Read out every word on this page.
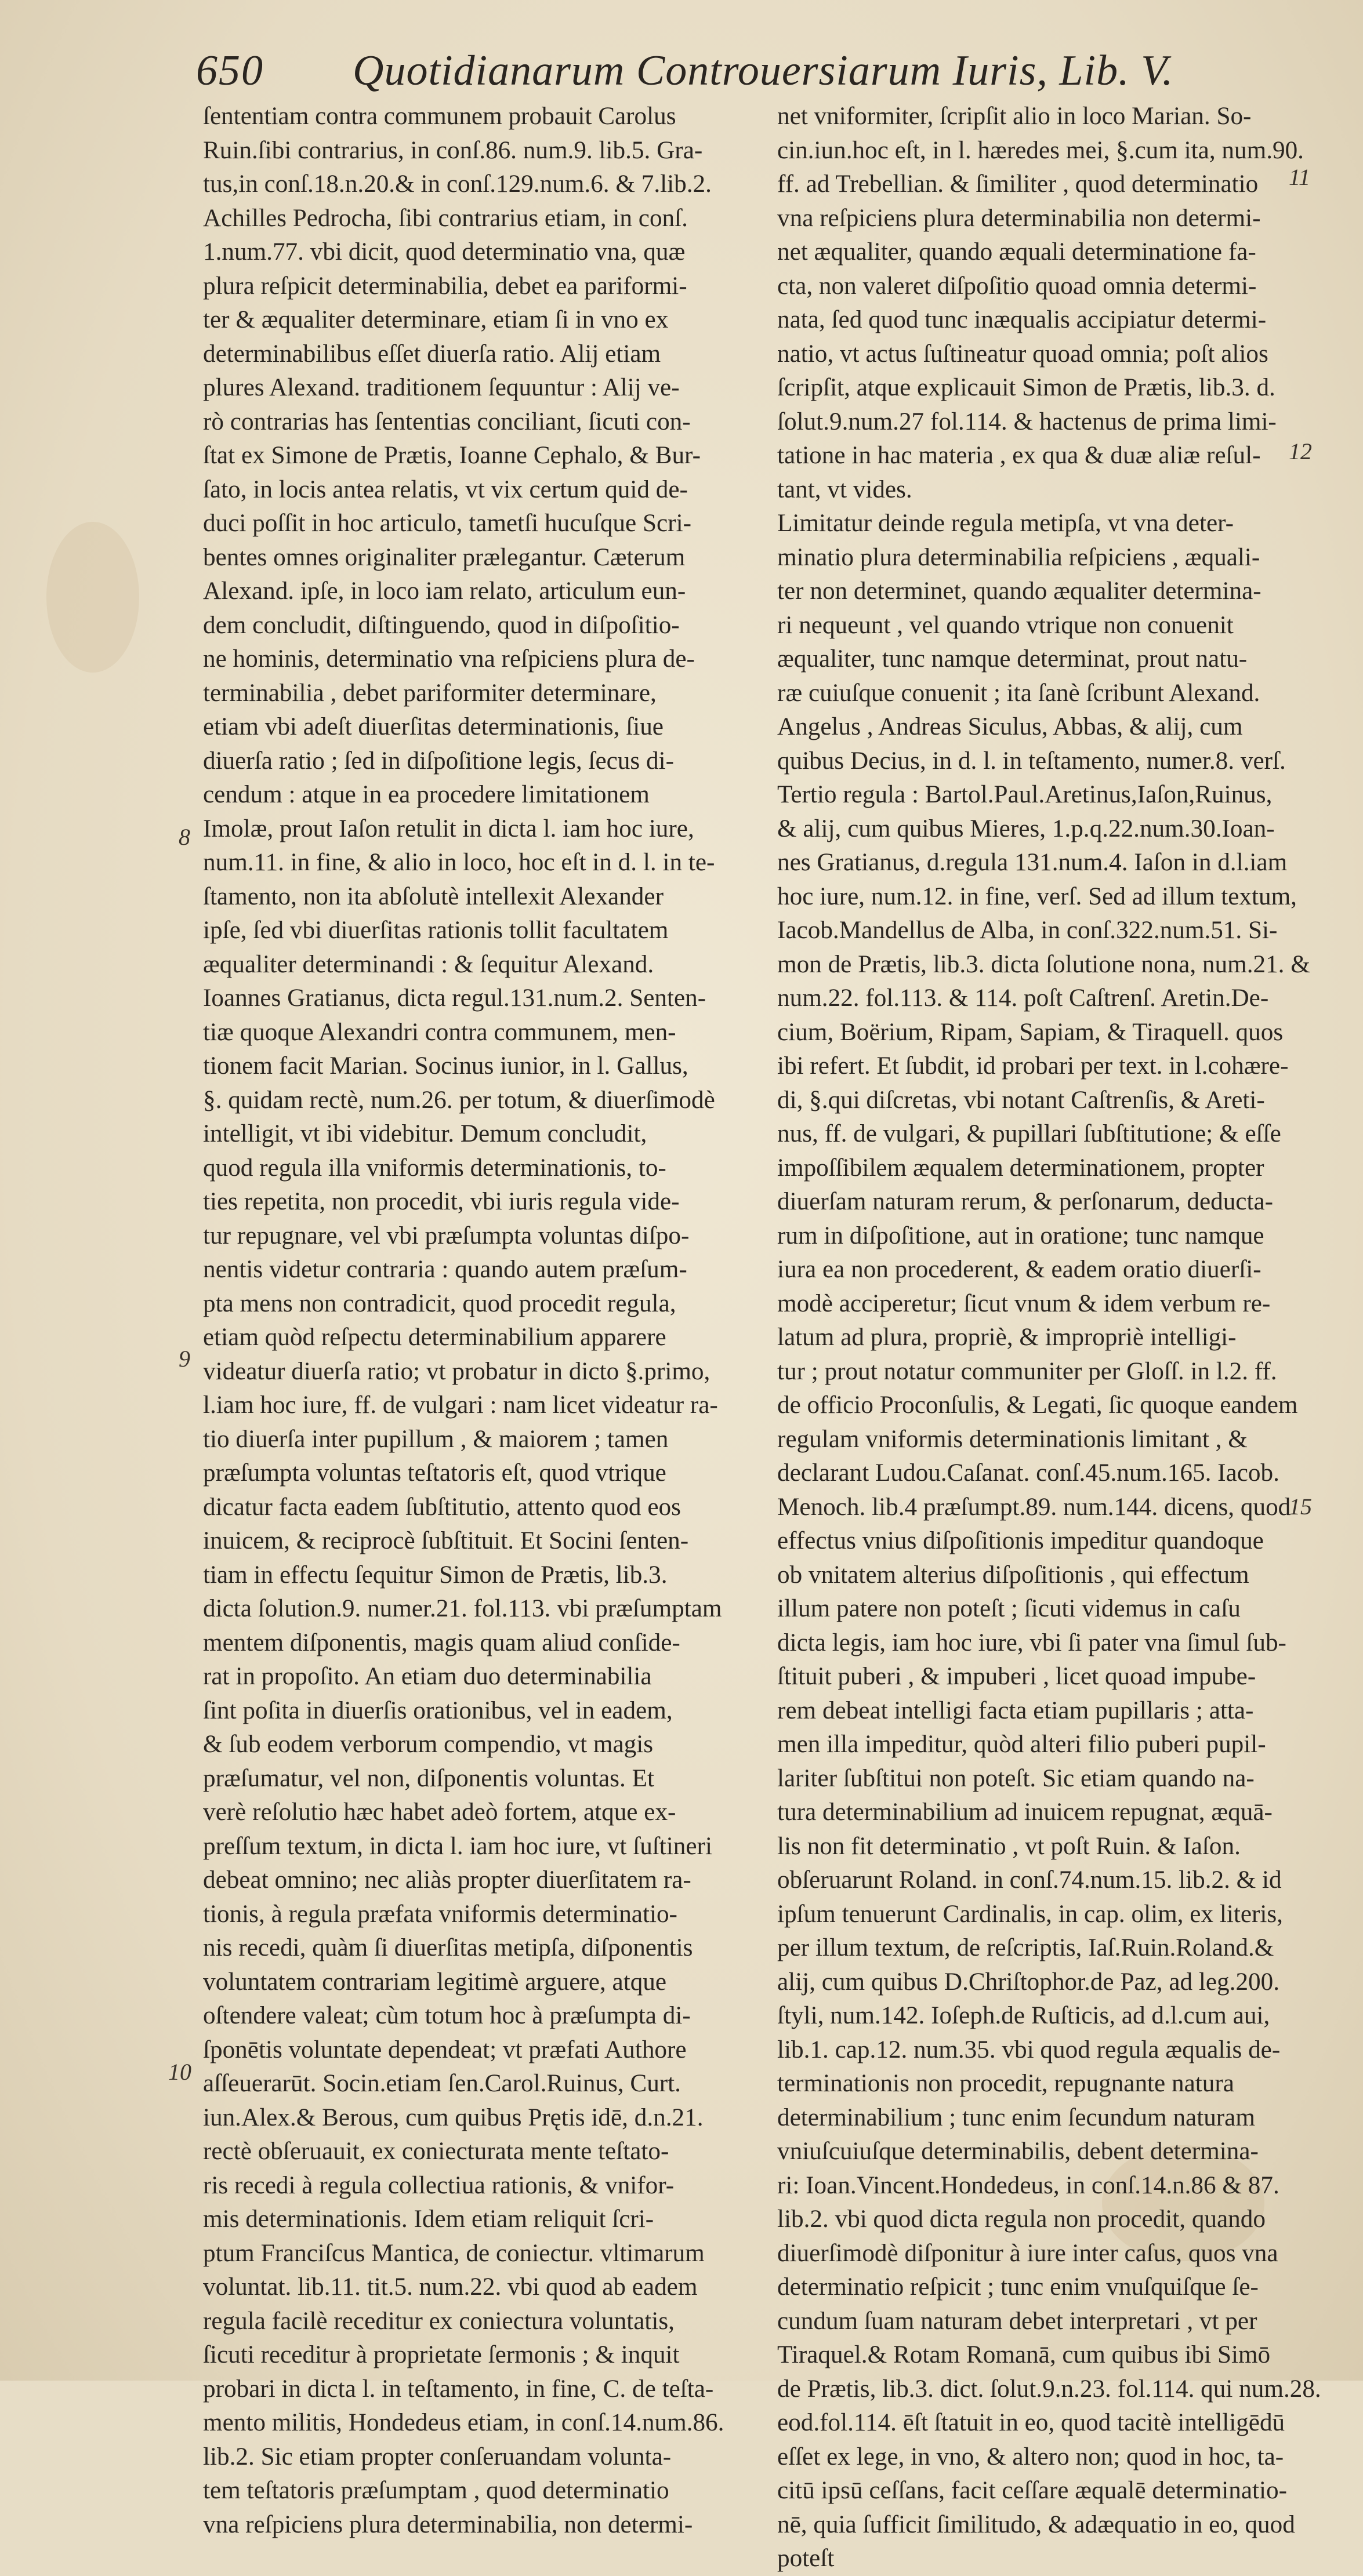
650 Quotidianarum Controuersiarum Iuris, Lib. V.
ſententiam contra communem probauit Carolus
Ruin.ſibi contrarius, in conſ.86. num.9. lib.5. Gra-
tus,in conſ.18.n.20.& in conſ.129.num.6. & 7.lib.2.
Achilles Pedrocha, ſibi contrarius etiam, in conſ.
1.num.77. vbi dicit, quod determinatio vna, quæ
plura reſpicit determinabilia, debet ea pariformi-
ter & æqualiter determinare, etiam ſi in vno ex
determinabilibus eſſet diuerſa ratio. Alij etiam
plures Alexand. traditionem ſequuntur : Alij ve-
rò contrarias has ſententias conciliant, ſicuti con-
ſtat ex Simone de Prætis, Ioanne Cephalo, & Bur-
ſato, in locis antea relatis, vt vix certum quid de-
duci poſſit in hoc articulo, tametſi hucuſque Scri-
bentes omnes originaliter prælegantur. Cæterum
Alexand. ipſe, in loco iam relato, articulum eun-
dem concludit, diſtinguendo, quod in diſpoſitio-
ne hominis, determinatio vna reſpiciens plura de-
terminabilia , debet pariformiter determinare,
etiam vbi adeſt diuerſitas determinationis, ſiue
diuerſa ratio ; ſed in diſpoſitione legis, ſecus di-
cendum : atque in ea procedere limitationem
Imolæ, prout Iaſon retulit in dicta l. iam hoc iure,
num.11. in fine, & alio in loco, hoc eſt in d. l. in te-
ſtamento, non ita abſolutè intellexit Alexander
ipſe, ſed vbi diuerſitas rationis tollit facultatem
æqualiter determinandi : & ſequitur Alexand.
Ioannes Gratianus, dicta regul.131.num.2. Senten-
tiæ quoque Alexandri contra communem, men-
tionem facit Marian. Socinus iunior, in l. Gallus,
§. quidam rectè, num.26. per totum, & diuerſimodè
intelligit, vt ibi videbitur. Demum concludit,
quod regula illa vniformis determinationis, to-
ties repetita, non procedit, vbi iuris regula vide-
tur repugnare, vel vbi præſumpta voluntas diſpo-
nentis videtur contraria : quando autem præſum-
pta mens non contradicit, quod procedit regula,
etiam quòd reſpectu determinabilium apparere
videatur diuerſa ratio; vt probatur in dicto §.primo,
l.iam hoc iure, ff. de vulgari : nam licet videatur ra-
tio diuerſa inter pupillum , & maiorem ; tamen
præſumpta voluntas teſtatoris eſt, quod vtrique
dicatur facta eadem ſubſtitutio, attento quod eos
inuicem, & reciprocè ſubſtituit. Et Socini ſenten-
tiam in effectu ſequitur Simon de Prætis, lib.3.
dicta ſolution.9. numer.21. fol.113. vbi præſumptam
mentem diſponentis, magis quam aliud conſide-
rat in propoſito. An etiam duo determinabilia
ſint poſita in diuerſis orationibus, vel in eadem,
& ſub eodem verborum compendio, vt magis
præſumatur, vel non, diſponentis voluntas. Et
verè reſolutio hæc habet adeò fortem, atque ex-
preſſum textum, in dicta l. iam hoc iure, vt ſuſtineri
debeat omnino; nec aliàs propter diuerſitatem ra-
tionis, à regula præfata vniformis determinatio-
nis recedi, quàm ſi diuerſitas metipſa, diſponentis
voluntatem contrariam legitimè arguere, atque
oſtendere valeat; cùm totum hoc à præſumpta di-
ſponētis voluntate dependeat; vt præfati Authore
aſſeuerarūt. Socin.etiam ſen.Carol.Ruinus, Curt.
iun.Alex.& Berous, cum quibus Prętis idē, d.n.21.
rectè obſeruauit, ex coniecturata mente teſtato-
ris recedi à regula collectiua rationis, & vnifor-
mis determinationis. Idem etiam reliquit ſcri-
ptum Franciſcus Mantica, de coniectur. vltimarum
voluntat. lib.11. tit.5. num.22. vbi quod ab eadem
regula facilè receditur ex coniectura voluntatis,
ſicuti receditur à proprietate ſermonis ; & inquit
probari in dicta l. in teſtamento, in fine, C. de teſta-
mento militis, Hondedeus etiam, in conſ.14.num.86.
lib.2. Sic etiam propter conſeruandam volunta-
tem teſtatoris præſumptam , quod determinatio
vna reſpiciens plura determinabilia, non determi-
net vniformiter, ſcripſit alio in loco Marian. So-
cin.iun.hoc eſt, in l. hæredes mei, §.cum ita, num.90.
ff. ad Trebellian. & ſimiliter , quod determinatio
vna reſpiciens plura determinabilia non determi-
net æqualiter, quando æquali determinatione fa-
cta, non valeret diſpoſitio quoad omnia determi-
nata, ſed quod tunc inæqualis accipiatur determi-
natio, vt actus ſuſtineatur quoad omnia; poſt alios
ſcripſit, atque explicauit Simon de Prætis, lib.3. d.
ſolut.9.num.27 fol.114. & hactenus de prima limi-
tatione in hac materia , ex qua & duæ aliæ reſul-
tant, vt vides.
Limitatur deinde regula metipſa, vt vna deter-
minatio plura determinabilia reſpiciens , æquali-
ter non determinet, quando æqualiter determina-
ri nequeunt , vel quando vtrique non conuenit
æqualiter, tunc namque determinat, prout natu-
ræ cuiuſque conuenit ; ita ſanè ſcribunt Alexand.
Angelus , Andreas Siculus, Abbas, & alij, cum
quibus Decius, in d. l. in teſtamento, numer.8. verſ.
Tertio regula : Bartol.Paul.Aretinus,Iaſon,Ruinus,
& alij, cum quibus Mieres, 1.p.q.22.num.30.Ioan-
nes Gratianus, d.regula 131.num.4. Iaſon in d.l.iam
hoc iure, num.12. in fine, verſ. Sed ad illum textum,
Iacob.Mandellus de Alba, in conſ.322.num.51. Si-
mon de Prætis, lib.3. dicta ſolutione nona, num.21. &
num.22. fol.113. & 114. poſt Caſtrenſ. Aretin.De-
cium, Boërium, Ripam, Sapiam, & Tiraquell. quos
ibi refert. Et ſubdit, id probari per text. in l.cohære-
di, §.qui diſcretas, vbi notant Caſtrenſis, & Areti-
nus, ff. de vulgari, & pupillari ſubſtitutione; & eſſe
impoſſibilem æqualem determinationem, propter
diuerſam naturam rerum, & perſonarum, deducta-
rum in diſpoſitione, aut in oratione; tunc namque
iura ea non procederent, & eadem oratio diuerſi-
modè acciperetur; ſicut vnum & idem verbum re-
latum ad plura, propriè, & impropriè intelligi-
tur ; prout notatur communiter per Gloſſ. in l.2. ff.
de officio Proconſulis, & Legati, ſic quoque eandem
regulam vniformis determinationis limitant , &
declarant Ludou.Caſanat. conſ.45.num.165. Iacob.
Menoch. lib.4 præſumpt.89. num.144. dicens, quod
effectus vnius diſpoſitionis impeditur quandoque
ob vnitatem alterius diſpoſitionis , qui effectum
illum patere non poteſt ; ſicuti videmus in caſu
dicta legis, iam hoc iure, vbi ſi pater vna ſimul ſub-
ſtituit puberi , & impuberi , licet quoad impube-
rem debeat intelligi facta etiam pupillaris ; atta-
men illa impeditur, quòd alteri filio puberi pupil-
lariter ſubſtitui non poteſt. Sic etiam quando na-
tura determinabilium ad inuicem repugnat, æquā-
lis non fit determinatio , vt poſt Ruin. & Iaſon.
obſeruarunt Roland. in conſ.74.num.15. lib.2. & id
ipſum tenuerunt Cardinalis, in cap. olim, ex literis,
per illum textum, de reſcriptis, Iaſ.Ruin.Roland.&
alij, cum quibus D.Chriſtophor.de Paz, ad leg.200.
ſtyli, num.142. Ioſeph.de Ruſticis, ad d.l.cum aui,
lib.1. cap.12. num.35. vbi quod regula æqualis de-
terminationis non procedit, repugnante natura
determinabilium ; tunc enim ſecundum naturam
vniuſcuiuſque determinabilis, debent determina-
ri: Ioan.Vincent.Hondedeus, in conſ.14.n.86 & 87.
lib.2. vbi quod dicta regula non procedit, quando
diuerſimodè diſponitur à iure inter caſus, quos vna
determinatio reſpicit ; tunc enim vnuſquiſque ſe-
cundum ſuam naturam debet interpretari , vt per
Tiraquel.& Rotam Romanā, cum quibus ibi Simō
de Prætis, lib.3. dict. ſolut.9.n.23. fol.114. qui num.28.
eod.fol.114. ēſt ſtatuit in eo, quod tacitè intelligēdū
eſſet ex lege, in vno, & altero non; quod in hoc, ta-
citū ipsū ceſſans, facit ceſſare æqualē determinatio-
nē, quia ſufficit ſimilitudo, & adæquatio in eo, quod
poteſt
8
9
10
11
12
15
